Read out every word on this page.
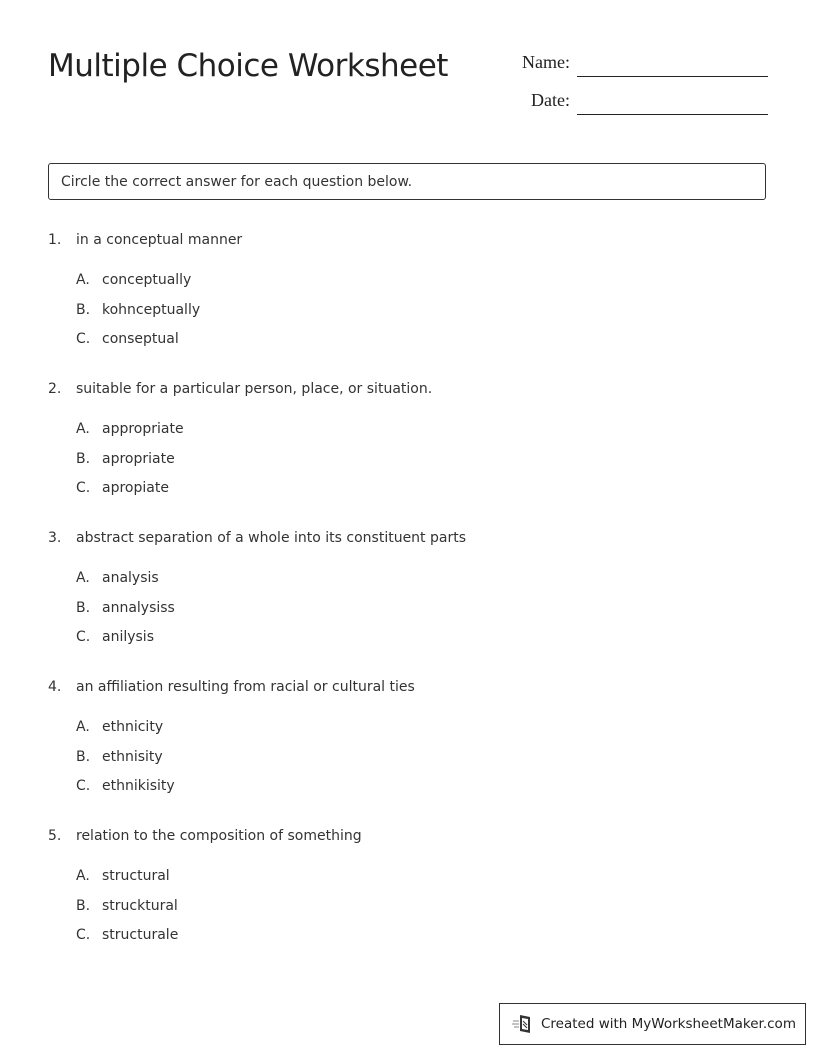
Multiple Choice Worksheet	Name:
Date:
Circle the correct answer for each question below.
1. in a conceptual manner
A. conceptually
B. kohnceptually
C. conseptual
2. suitable for a particular person, place, or situation.
A. appropriate
B. apropriate
C. apropiate
3. abstract separation of a whole into its constituent parts
A. analysis
B. annalysiss
C. anilysis
4. an affiliation resulting from racial or cultural ties
A. ethnicity
B. ethnisity
C. ethnikisity
5. relation to the composition of something
A. structural
B. strucktural
C. structurale
Created with MyWorksheetMaker.com
